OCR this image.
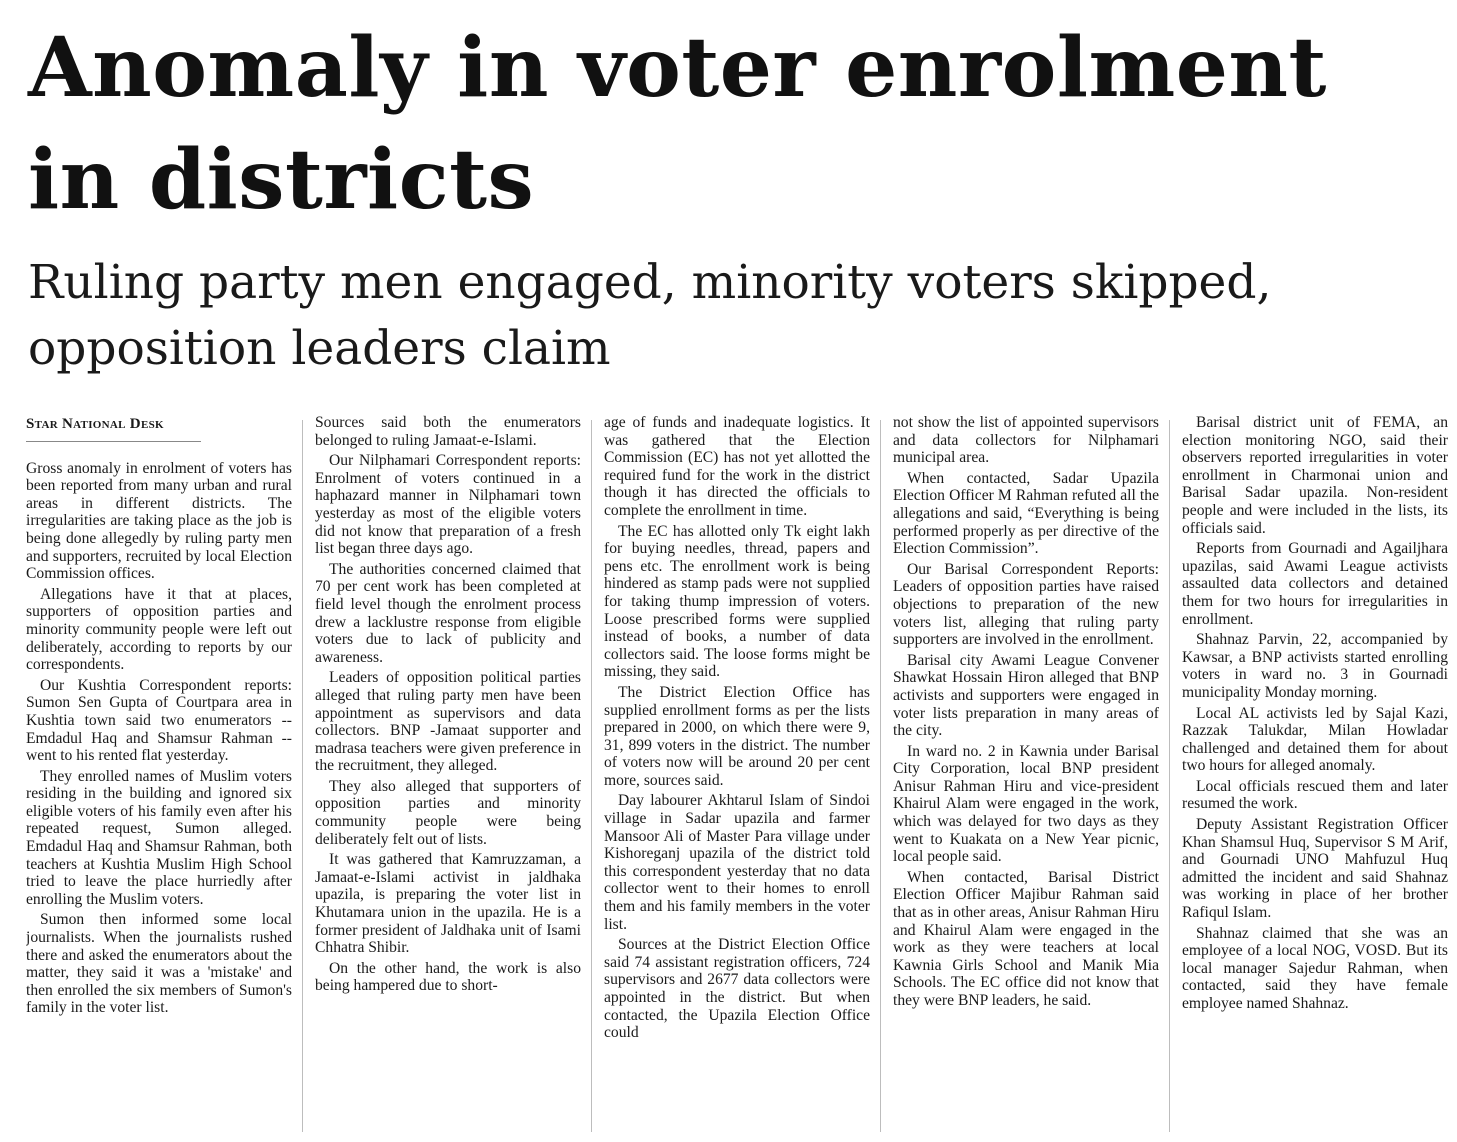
Anomaly in voter enrolment in districts
Ruling party men engaged, minority voters skipped, opposition leaders claim
Star National Desk

Gross anomaly in enrolment of voters has been reported from many urban and rural areas in different districts. The irregularities are taking place as the job is being done allegedly by ruling party men and supporters, recruited by local Election Commission offices.

Allegations have it that at places, supporters of opposition parties and minority community people were left out deliberately, according to reports by our correspondents.

Our Kushtia Correspondent reports: Sumon Sen Gupta of Courtpara area in Kushtia town said two enumerators -- Emdadul Haq and Shamsur Rahman -- went to his rented flat yesterday.

They enrolled names of Muslim voters residing in the building and ignored six eligible voters of his family even after his repeated request, Sumon alleged. Emdadul Haq and Shamsur Rahman, both teachers at Kushtia Muslim High School tried to leave the place hurriedly after enrolling the Muslim voters.

Sumon then informed some local journalists. When the journalists rushed there and asked the enumerators about the matter, they said it was a 'mistake' and then enrolled the six members of Sumon's family in the voter list.

Sources said both the enumerators belonged to ruling Jamaat-e-Islami.

Our Nilphamari Correspondent reports: Enrolment of voters continued in a haphazard manner in Nilphamari town yesterday as most of the eligible voters did not know that preparation of a fresh list began three days ago.

The authorities concerned claimed that 70 per cent work has been completed at field level though the enrolment process drew a lacklustre response from eligible voters due to lack of publicity and awareness.

Leaders of opposition political parties alleged that ruling party men have been appointment as supervisors and data collectors. BNP -Jamaat supporter and madrasa teachers were given preference in the recruitment, they alleged.

They also alleged that supporters of opposition parties and minority community people were being deliberately felt out of lists.

It was gathered that Kamruzzaman, a Jamaat-e-Islami activist in jaldhaka upazila, is preparing the voter list in Khutamara union in the upazila. He is a former president of Jaldhaka unit of Isami Chhatra Shibir.

On the other hand, the work is also being hampered due to short-

age of funds and inadequate logistics. It was gathered that the Election Commission (EC) has not yet allotted the required fund for the work in the district though it has directed the officials to complete the enrollment in time.

The EC has allotted only Tk eight lakh for buying needles, thread, papers and pens etc. The enrollment work is being hindered as stamp pads were not supplied for taking thump impression of voters. Loose prescribed forms were supplied instead of books, a number of data collectors said. The loose forms might be missing, they said.

The District Election Office has supplied enrollment forms as per the lists prepared in 2000, on which there were 9, 31, 899 voters in the district. The number of voters now will be around 20 per cent more, sources said.

Day labourer Akhtarul Islam of Sindoi village in Sadar upazila and farmer Mansoor Ali of Master Para village under Kishoreganj upazila of the district told this correspondent yesterday that no data collector went to their homes to enroll them and his family members in the voter list.

Sources at the District Election Office said 74 assistant registration officers, 724 supervisors and 2677 data collectors were appointed in the district. But when contacted, the Upazila Election Office could

not show the list of appointed supervisors and data collectors for Nilphamari municipal area.

When contacted, Sadar Upazila Election Officer M Rahman refuted all the allegations and said, “Everything is being performed properly as per directive of the Election Commission”.

Our Barisal Correspondent Reports: Leaders of opposition parties have raised objections to preparation of the new voters list, alleging that ruling party supporters are involved in the enrollment.

Barisal city Awami League Convener Shawkat Hossain Hiron alleged that BNP activists and supporters were engaged in voter lists preparation in many areas of the city.

In ward no. 2 in Kawnia under Barisal City Corporation, local BNP president Anisur Rahman Hiru and vice-president Khairul Alam were engaged in the work, which was delayed for two days as they went to Kuakata on a New Year picnic, local people said.

When contacted, Barisal District Election Officer Majibur Rahman said that as in other areas, Anisur Rahman Hiru and Khairul Alam were engaged in the work as they were teachers at local Kawnia Girls School and Manik Mia Schools. The EC office did not know that they were BNP leaders, he said.

Barisal district unit of FEMA, an election monitoring NGO, said their observers reported irregularities in voter enrollment in Charmonai union and Barisal Sadar upazila. Non-resident people and were included in the lists, its officials said.

Reports from Gournadi and Agailjhara upazilas, said Awami League activists assaulted data collectors and detained them for two hours for irregularities in enrollment.

Shahnaz Parvin, 22, accompanied by Kawsar, a BNP activists started enrolling voters in ward no. 3 in Gournadi municipality Monday morning.

Local AL activists led by Sajal Kazi, Razzak Talukdar, Milan Howladar challenged and detained them for about two hours for alleged anomaly.

Local officials rescued them and later resumed the work.

Deputy Assistant Registration Officer Khan Shamsul Huq, Supervisor S M Arif, and Gournadi UNO Mahfuzul Huq admitted the incident and said Shahnaz was working in place of her brother Rafiqul Islam.

Shahnaz claimed that she was an employee of a local NOG, VOSD. But its local manager Sajedur Rahman, when contacted, said they have female employee named Shahnaz.
